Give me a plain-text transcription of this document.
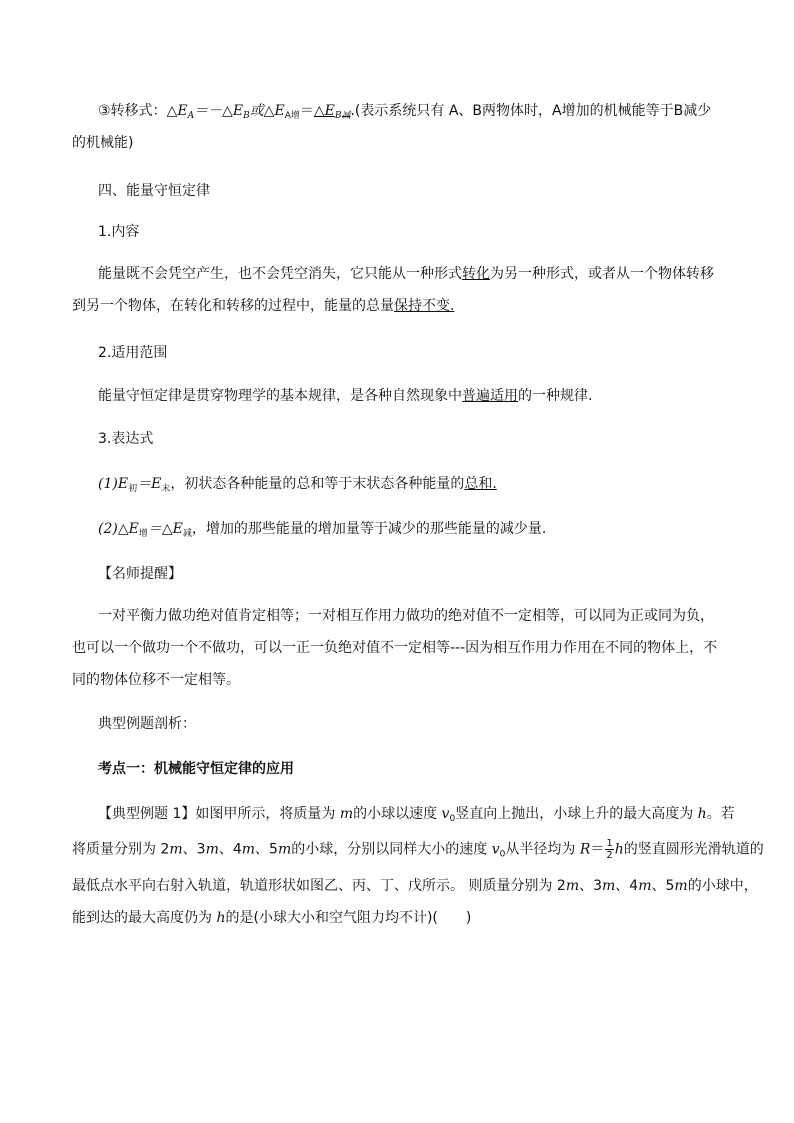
③转移式：$\triangle E_A=-\triangle E_B$或$\triangle E_{A增}=\triangle E_{B减}$.(表示系统只有 A、B两物体时，A增加的机械能等于B减少
的机械能)
四、能量守恒定律
1.内容
能量既不会凭空产生，也不会凭空消失，它只能从一种形式转化为另一种形式，或者从一个物体转移
到另一个物体，在转化和转移的过程中，能量的总量保持不变.
2.适用范围
能量守恒定律是贯穿物理学的基本规律，是各种自然现象中普遍适用的一种规律.
3.表达式
$(1)E_初=E_末$，初状态各种能量的总和等于末状态各种能量的总和.
$(2)\triangle E_增=\triangle E_减$，增加的那些能量的增加量等于减少的那些能量的减少量.
【名师提醒】
一对平衡力做功绝对值肯定相等；一对相互作用力做功的绝对值不一定相等，可以同为正或同为负，
也可以一个做功一个不做功，可以一正一负绝对值不一定相等---因为相互作用力作用在不同的物体上，不
同的物体位移不一定相等。
典型例题剖析：
考点一：机械能守恒定律的应用
【典型例题 1】如图甲所示，将质量为 m的小球以速度 $v_0$竖直向上抛出，小球上升的最大高度为 h。若
将质量分别为 2m、3m、4m、5m的小球，分别以同样大小的速度 $v_0$从半径均为 $R= \frac{1}{2}$ h的竖直圆形光滑轨道的
最低点水平向右射入轨道，轨道形状如图乙、丙、丁、戊所示。 则质量分别为 2m、3m、4m、5m的小球中，
能到达的最大高度仍为 h的是(小球大小和空气阻力均不计)(　　)
